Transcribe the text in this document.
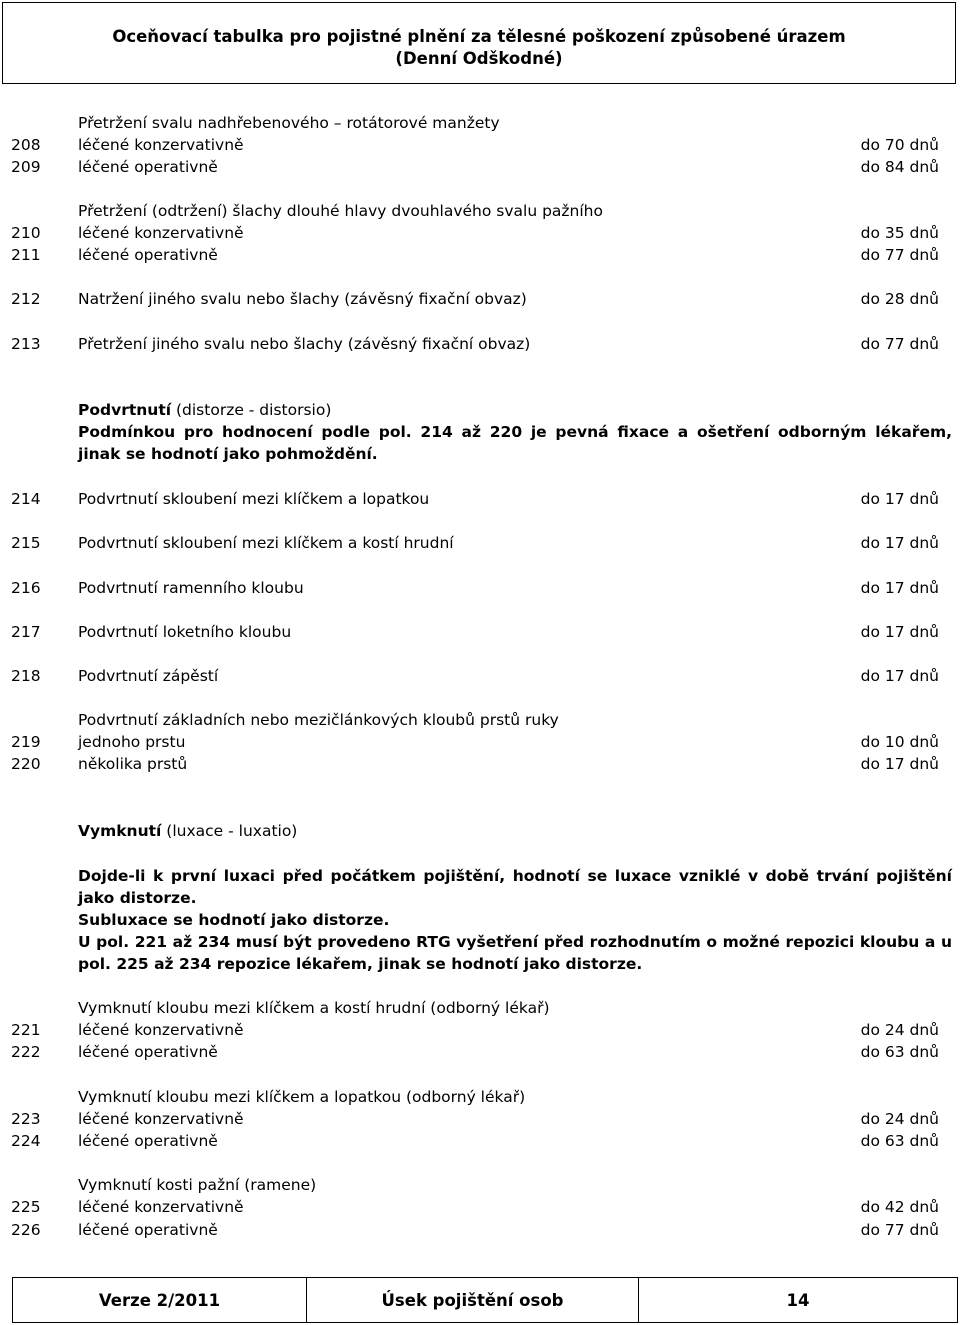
Oceňovací tabulka pro pojistné plnění za tělesné poškození způsobené úrazem
(Denní Odškodné)
Přetržení svalu nadhřebenového – rotátorové manžety
208 léčené konzervativně	do 70 dnů
209 léčené operativně	do 84 dnů
Přetržení (odtržení) šlachy dlouhé hlavy dvouhlavého svalu pažního
210 léčené konzervativně	do 35 dnů
211 léčené operativně	do 77 dnů
212 Natržení jiného svalu nebo šlachy (závěsný fixační obvaz)	do 28 dnů
213 Přetržení jiného svalu nebo šlachy (závěsný fixační obvaz)	do 77 dnů
Podvrtnutí (distorze - distorsio)
Podmínkou pro hodnocení podle pol. 214 až 220 je pevná fixace a ošetření odborným lékařem, jinak se hodnotí jako pohmoždění.
214 Podvrtnutí skloubení mezi klíčkem a lopatkou	do 17 dnů
215 Podvrtnutí skloubení mezi klíčkem a kostí hrudní	do 17 dnů
216 Podvrtnutí ramenního kloubu	do 17 dnů
217 Podvrtnutí loketního kloubu	do 17 dnů
218 Podvrtnutí zápěstí	do 17 dnů
Podvrtnutí základních nebo mezičlánkových kloubů prstů ruky
219 jednoho prstu	do 10 dnů
220 několika prstů	do 17 dnů
Vymknutí (luxace - luxatio)
Dojde-li k první luxaci před počátkem pojištění, hodnotí se luxace vzniklé v době trvání pojištění jako distorze.
Subluxace se hodnotí jako distorze.
U pol. 221 až 234 musí být provedeno RTG vyšetření před rozhodnutím o možné repozici kloubu a u pol. 225 až 234 repozice lékařem, jinak se hodnotí jako distorze.
Vymknutí kloubu mezi klíčkem a kostí hrudní (odborný lékař)
221 léčené konzervativně	do 24 dnů
222 léčené operativně	do 63 dnů
Vymknutí kloubu mezi klíčkem a lopatkou (odborný lékař)
223 léčené konzervativně	do 24 dnů
224 léčené operativně	do 63 dnů
Vymknutí kosti pažní (ramene)
225 léčené konzervativně	do 42 dnů
226 léčené operativně	do 77 dnů
Verze 2/2011	Úsek pojištění osob	14
